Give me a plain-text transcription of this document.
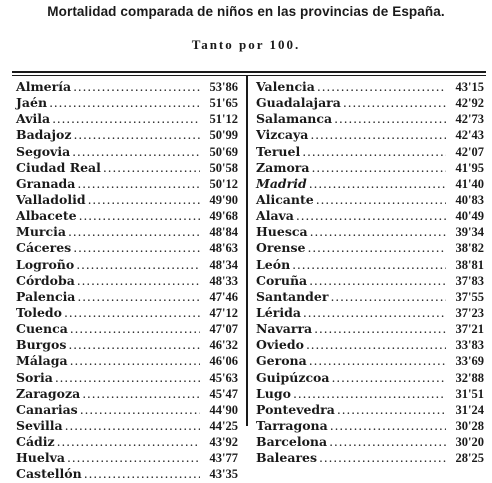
Mortalidad comparada de niños en las provincias de España.
Tanto por 100.
Almería . . .	53'86
Jaén . . .	51'65
Avila . . .	51'12
Badajoz . . .	50'99
Segovia . . .	50'69
Ciudad Real . . .	50'58
Granada . . .	50'12
Valladolid . . .	49'90
Albacete . . .	49'68
Murcia . . .	48'84
Cáceres . . .	48'63
Logroño . . .	48'34
Córdoba . . .	48'33
Palencia . . .	47'46
Toledo . . .	47'12
Cuenca . . .	47'07
Burgos . . .	46'32
Málaga . . .	46'06
Soria . . .	45'63
Zaragoza . . .	45'47
Canarias . . .	44'90
Sevilla . . .	44'25
Cádiz . . .	43'92
Huelva . . .	43'77
Castellón . . .	43'35
Valencia . . .	43'15
Guadalajara . . .	42'92
Salamanca . . .	42'73
Vizcaya . . .	42'43
Teruel . . .	42'07
Zamora . . .	41'95
Madrid . . .	41'40
Alicante . . .	40'83
Alava . . .	40'49
Huesca . . .	39'34
Orense . . .	38'82
León . . .	38'81
Coruña . . .	37'83
Santander . . .	37'55
Lérida . . .	37'23
Navarra . . .	37'21
Oviedo . . .	33'83
Gerona . . .	33'69
Guipúzcoa . . .	32'88
Lugo . . .	31'51
Pontevedra . . .	31'24
Tarragona . . .	30'28
Barcelona . . .	30'20
Baleares . . .	28'25
